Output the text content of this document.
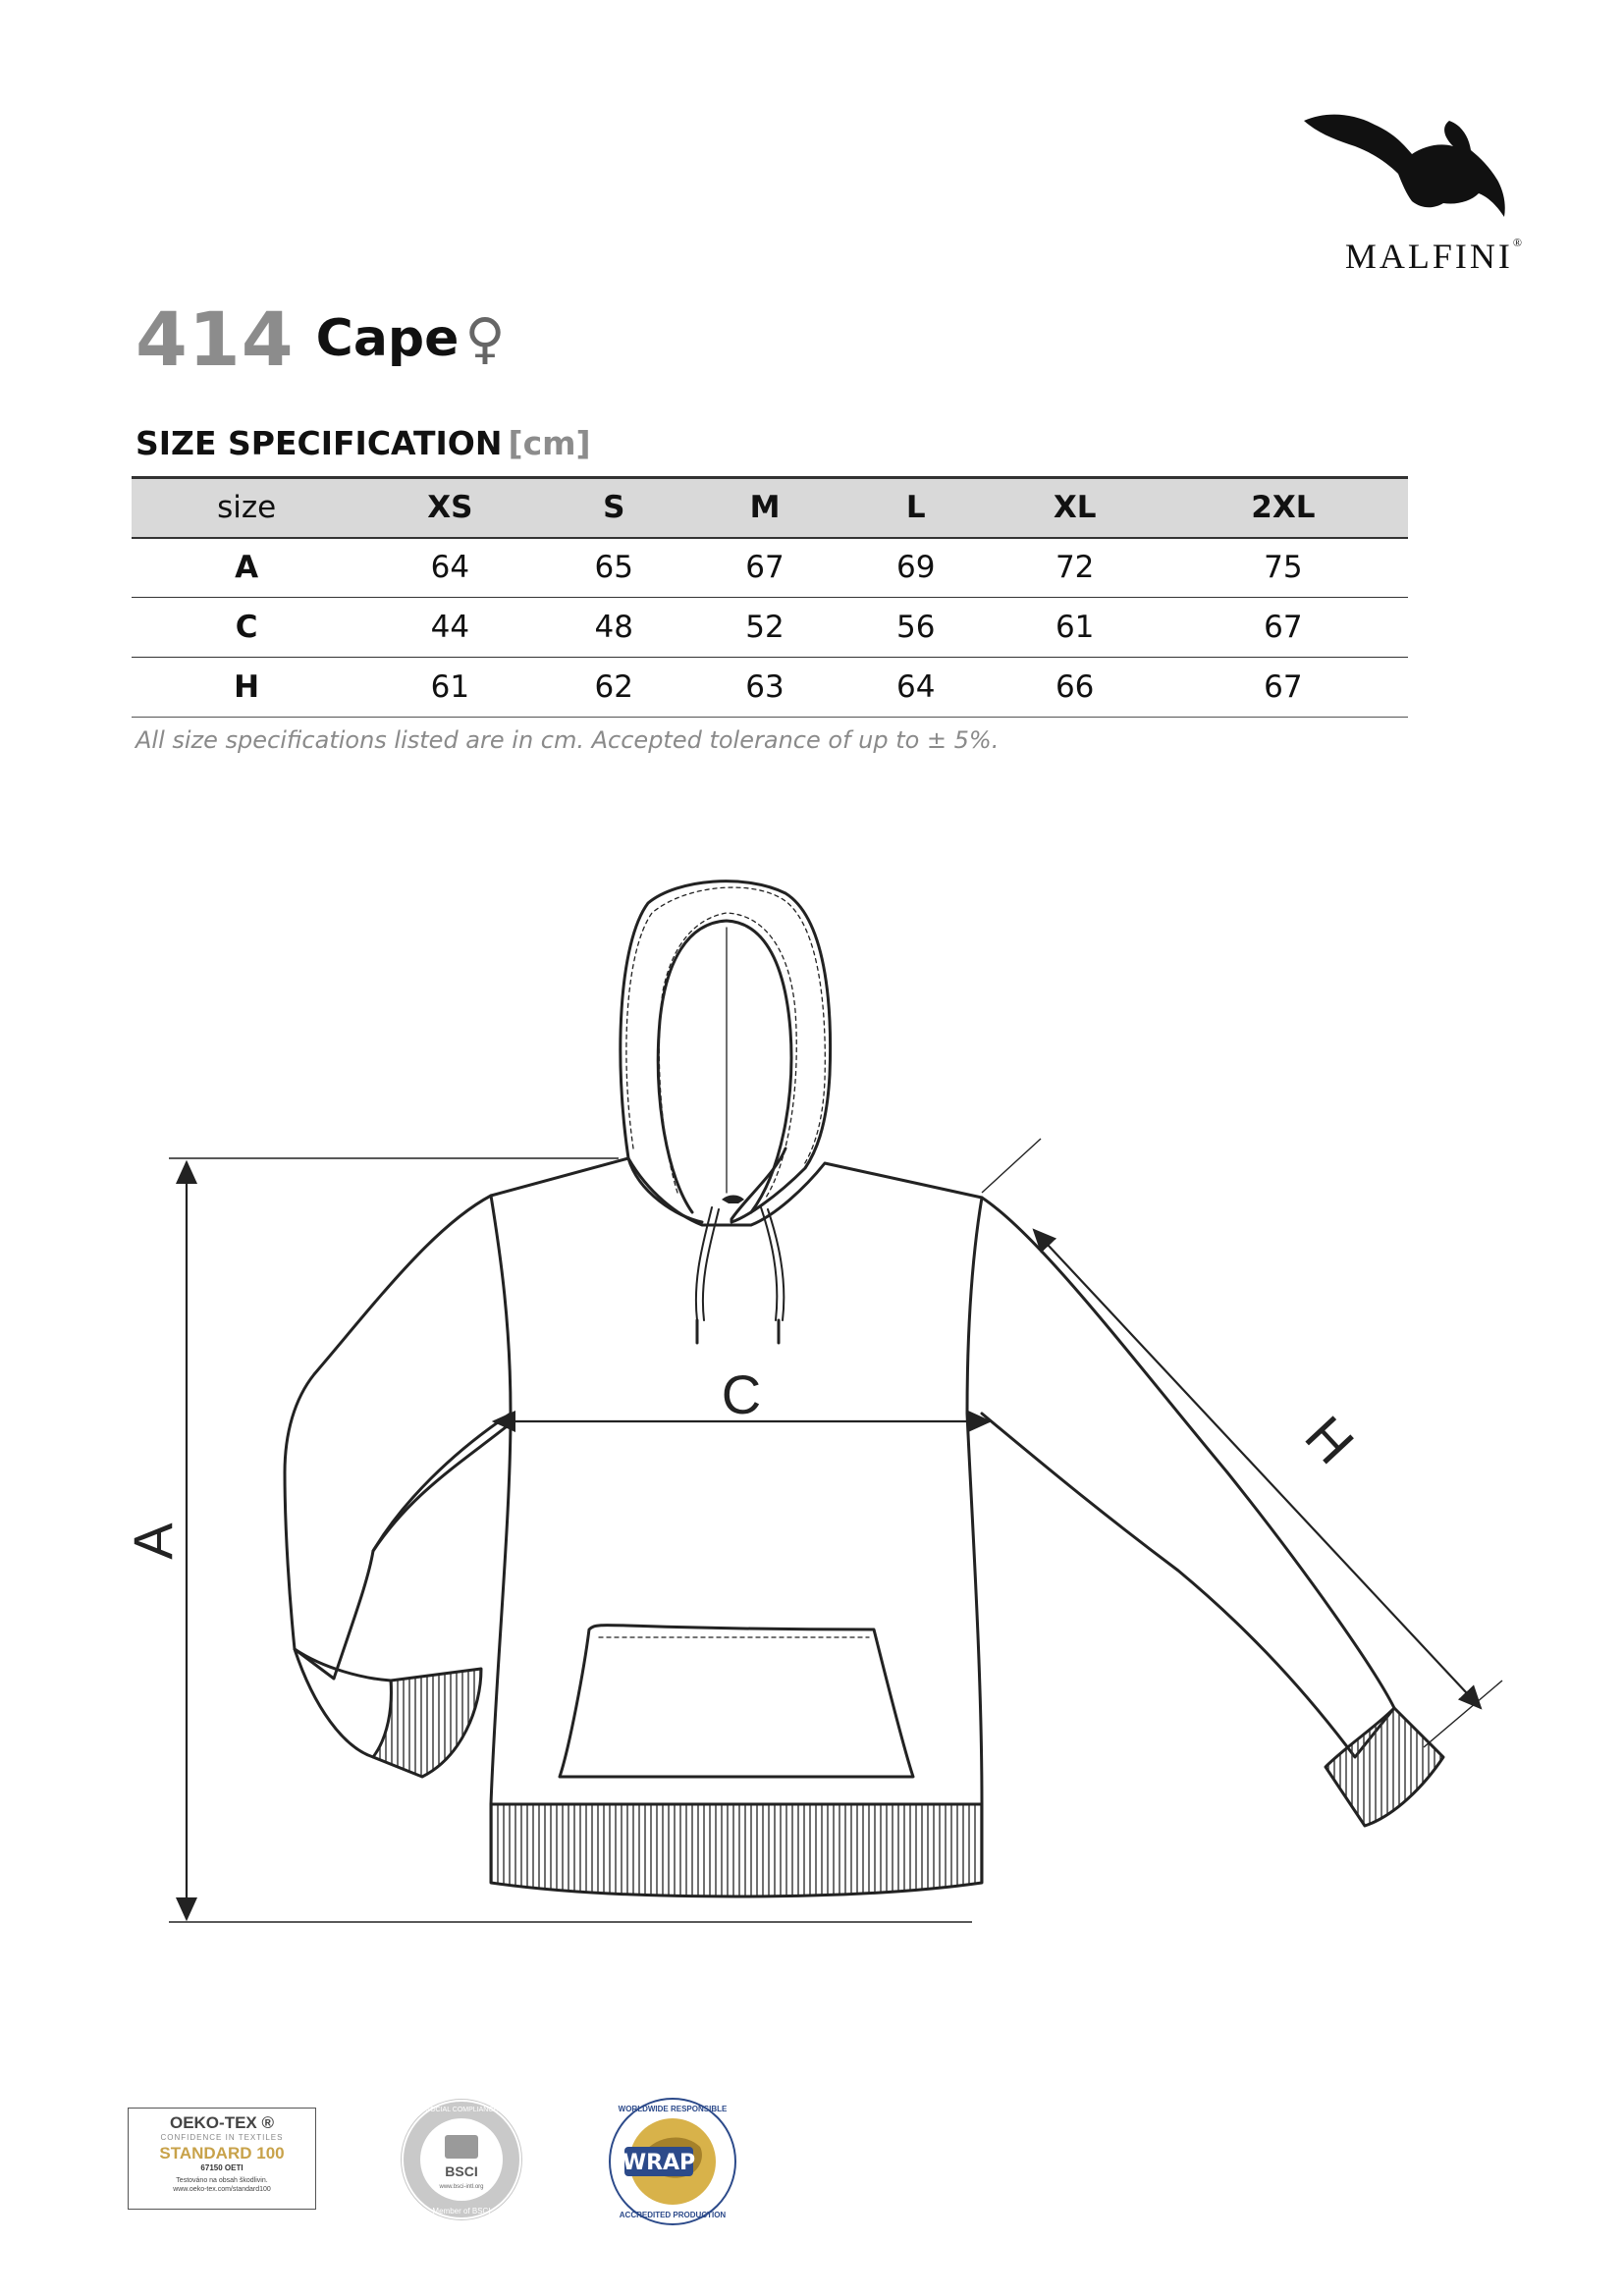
MALFINI®
414 Cape ♀
SIZE SPECIFICATION [cm]
size	XS	S	M	L	XL	2XL
A	64	65	67	69	72	75
C	44	48	52	56	61	67
H	61	62	63	64	66	67
All size specifications listed are in cm. Accepted tolerance of up to ± 5%.
A
C
H
OEKO-TEX ®
CONFIDENCE IN TEXTILES
STANDARD 100
67150 OETI
Testováno na obsah škodlivin.
www.oeko-tex.com/standard100
BSCI
www.bsci-intl.org
BUSINESS SOCIAL COMPLIANCE INITIATIVE
Member of BSCI
WRAP
WORLDWIDE RESPONSIBLE
ACCREDITED PRODUCTION
